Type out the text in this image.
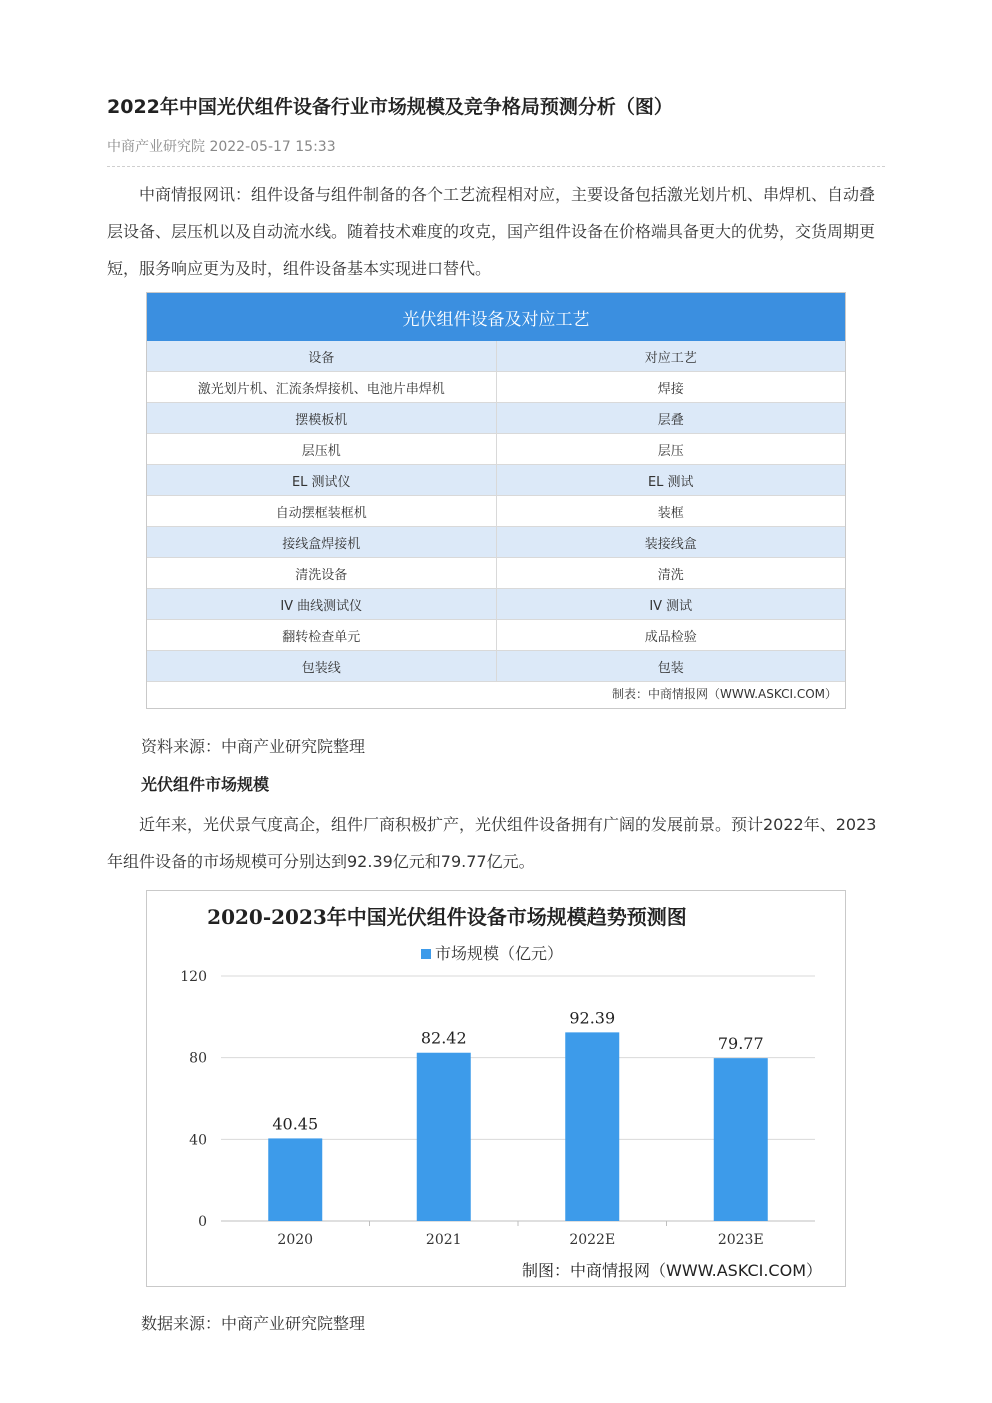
2022年中国光伏组件设备行业市场规模及竞争格局预测分析（图）
中商产业研究院 2022-05-17 15:33

中商情报网讯：组件设备与组件制备的各个工艺流程相对应，主要设备包括激光划片机、串焊机、自动叠层设备、层压机以及自动流水线。随着技术难度的攻克，国产组件设备在价格端具备更大的优势，交货周期更短，服务响应更为及时，组件设备基本实现进口替代。

光伏组件设备及对应工艺
设备	对应工艺
激光划片机、汇流条焊接机、电池片串焊机	焊接
摆模板机	层叠
层压机	层压
EL 测试仪	EL 测试
自动摆框装框机	装框
接线盒焊接机	装接线盒
清洗设备	清洗
IV 曲线测试仪	IV 测试
翻转检查单元	成品检验
包装线	包装
制表：中商情报网（WWW.ASKCI.COM）
资料来源：中商产业研究院整理
光伏组件市场规模

近年来，光伏景气度高企，组件厂商积极扩产，光伏组件设备拥有广阔的发展前景。预计2022年、2023年组件设备的市场规模可分别达到92.39亿元和79.77亿元。

2020-2023年中国光伏组件设备市场规模趋势预测图
市场规模（亿元）
0
40
80
120
40.45
2020
82.42
2021
92.39
2022E
79.77
2023E
制图：中商情报网（WWW.ASKCI.COM）
数据来源：中商产业研究院整理
